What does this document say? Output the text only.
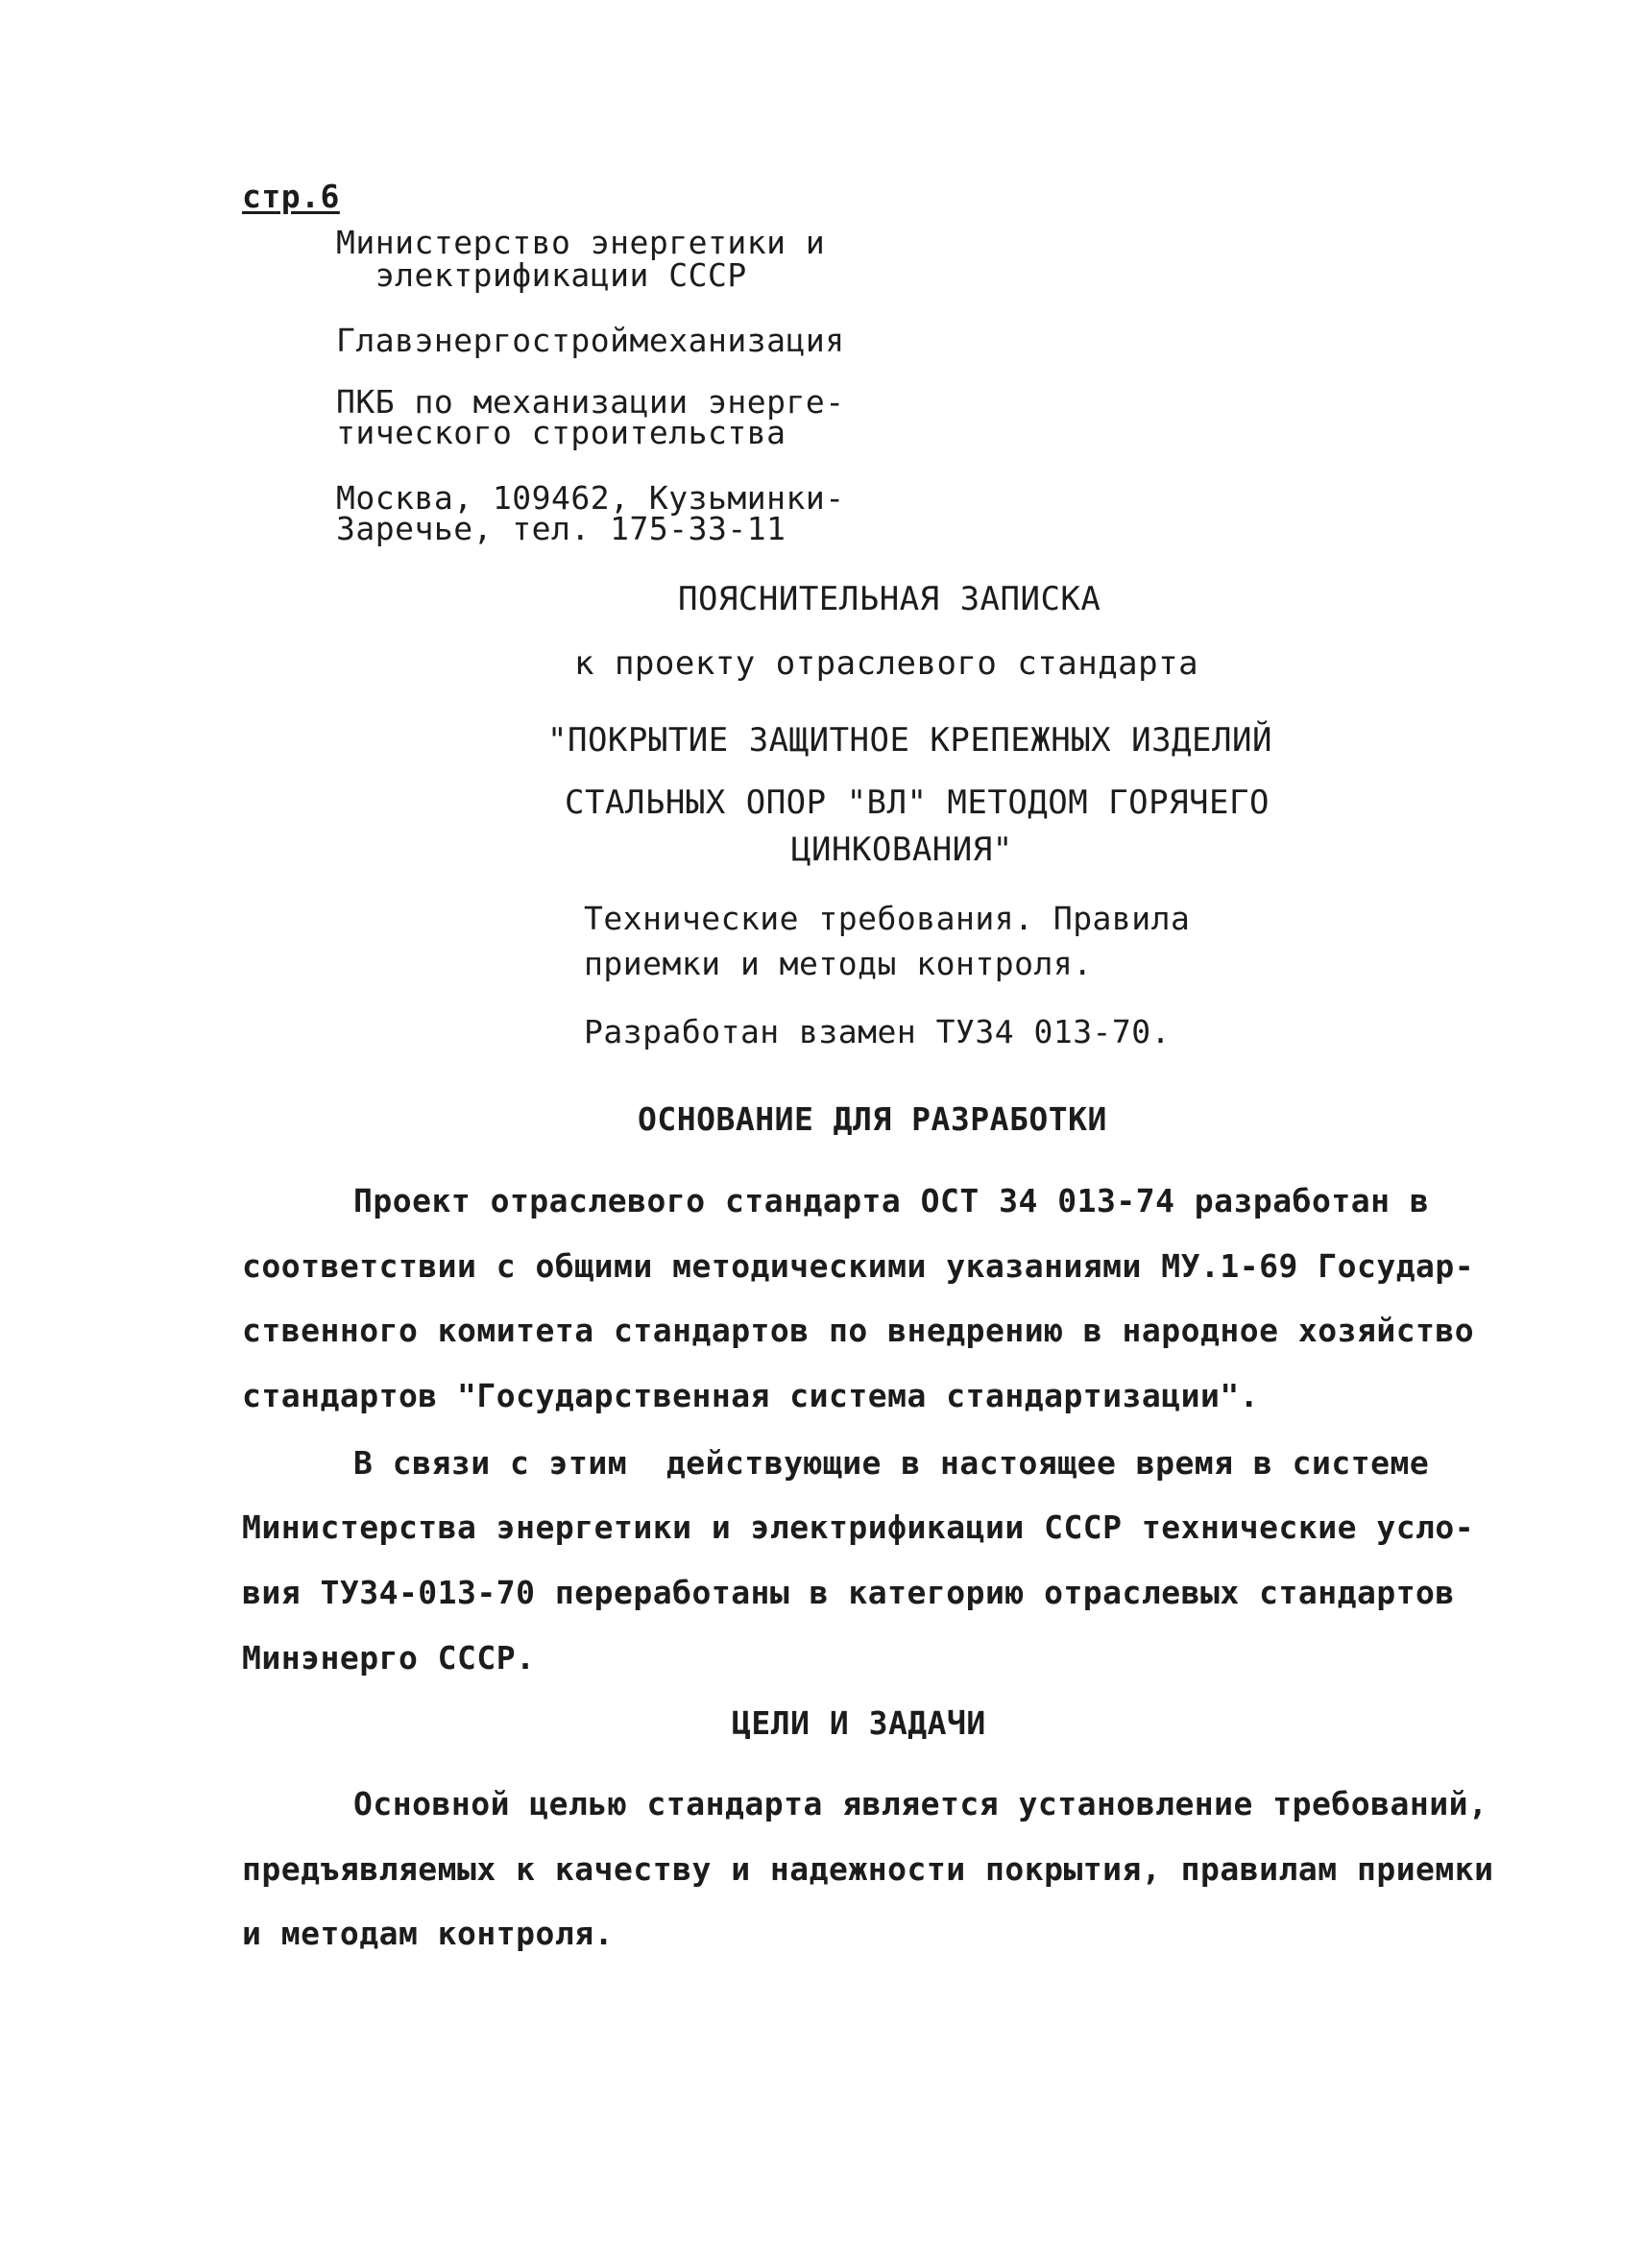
стр.6
Министерство энергетики и
электрификации СССР
Главэнергостроймеханизация
ПКБ по механизации энерге-
тического строительства
Москва, 109462, Кузьминки-
Заречье, тел. 175-33-11
ПОЯСНИТЕЛЬНАЯ ЗАПИСКА
к проекту отраслевого стандарта
"ПОКРЫТИЕ ЗАЩИТНОЕ КРЕПЕЖНЫХ ИЗДЕЛИЙ
СТАЛЬНЫХ ОПОР "ВЛ" МЕТОДОМ ГОРЯЧЕГО
ЦИНКОВАНИЯ"
Технические требования. Правила
приемки и методы контроля.
Разработан взамен ТУ34 013-70.
ОСНОВАНИЕ ДЛЯ РАЗРАБОТКИ
Проект отраслевого стандарта ОСТ 34 013-74 разработан в
соответствии с общими методическими указаниями МУ.1-69 Государ-
ственного комитета стандартов по внедрению в народное хозяйство
стандартов "Государственная система стандартизации".
В связи с этим  действующие в настоящее время в системе
Министерства энергетики и электрификации СССР технические усло-
вия ТУ34-013-70 переработаны в категорию отраслевых стандартов
Минэнерго СССР.
ЦЕЛИ И ЗАДАЧИ
Основной целью стандарта является установление требований,
предъявляемых к качеству и надежности покрытия, правилам приемки
и методам контроля.
